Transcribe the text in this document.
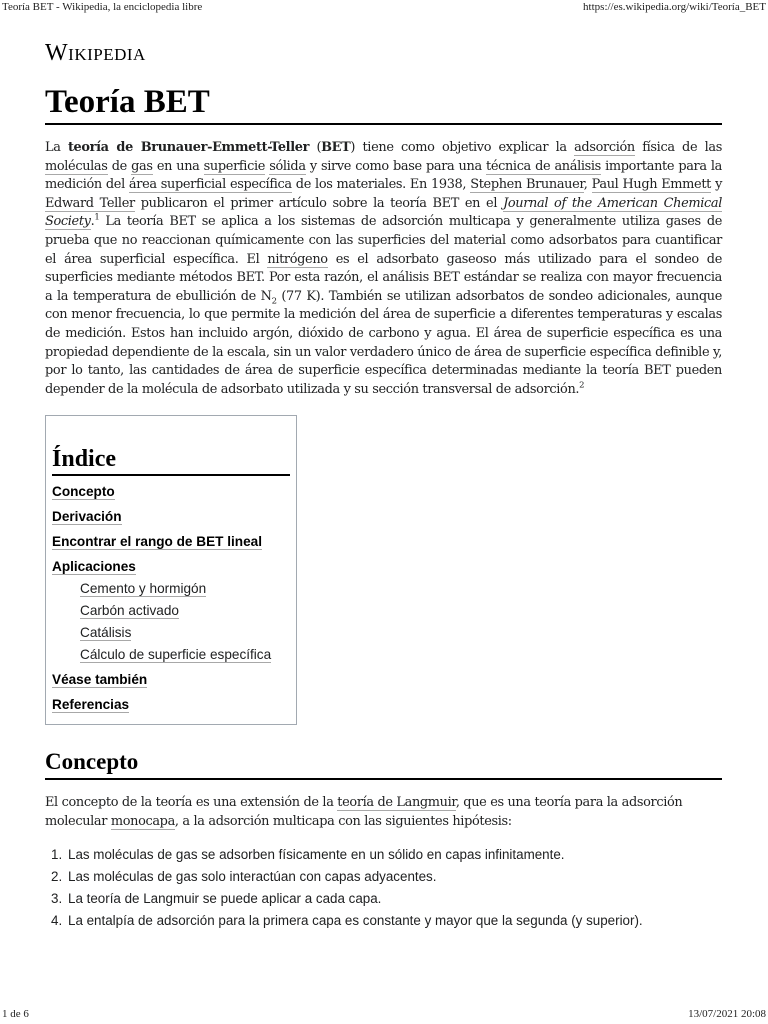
Teoría BET - Wikipedia, la enciclopedia libre	https://es.wikipedia.org/wiki/Teoría_BET
Wikipedia
Teoría BET

La teoría de Brunauer-Emmett-Teller (BET) tiene como objetivo explicar la adsorción física de las moléculas de gas en una superficie sólida y sirve como base para una técnica de análisis importante para la medición del área superficial específica de los materiales. En 1938, Stephen Brunauer, Paul Hugh Emmett y Edward Teller publicaron el primer artículo sobre la teoría BET en el Journal of the American Chemical Society.$^1$ La teoría BET se aplica a los sistemas de adsorción multicapa y generalmente utiliza gases de prueba que no reaccionan químicamente con las superficies del material como adsorbatos para cuantificar el área superficial específica. El nitrógeno es el adsorbato gaseoso más utilizado para el sondeo de superficies mediante métodos BET. Por esta razón, el análisis BET estándar se realiza con mayor frecuencia a la temperatura de ebullición de $N_2$ (77 K). También se utilizan adsorbatos de sondeo adicionales, aunque con menor frecuencia, lo que permite la medición del área de superficie a diferentes temperaturas y escalas de medición. Estos han incluido argón, dióxido de carbono y agua. El área de superficie específica es una propiedad dependiente de la escala, sin un valor verdadero único de área de superficie específica definible y, por lo tanto, las cantidades de área de superficie específica determinadas mediante la teoría BET pueden depender de la molécula de adsorbato utilizada y su sección transversal de adsorción.$^2$

Índice
Concepto
Derivación
Encontrar el rango de BET lineal
Aplicaciones
Cemento y hormigón
Carbón activado
Catálisis
Cálculo de superficie específica
Véase también
Referencias
Concepto

El concepto de la teoría es una extensión de la teoría de Langmuir, que es una teoría para la adsorción molecular monocapa, a la adsorción multicapa con las siguientes hipótesis:

1. Las moléculas de gas se adsorben físicamente en un sólido en capas infinitamente.
2. Las moléculas de gas solo interactúan con capas adyacentes.
3. La teoría de Langmuir se puede aplicar a cada capa.
4. La entalpía de adsorción para la primera capa es constante y mayor que la segunda (y superior).
1 de 6	13/07/2021 20:08
